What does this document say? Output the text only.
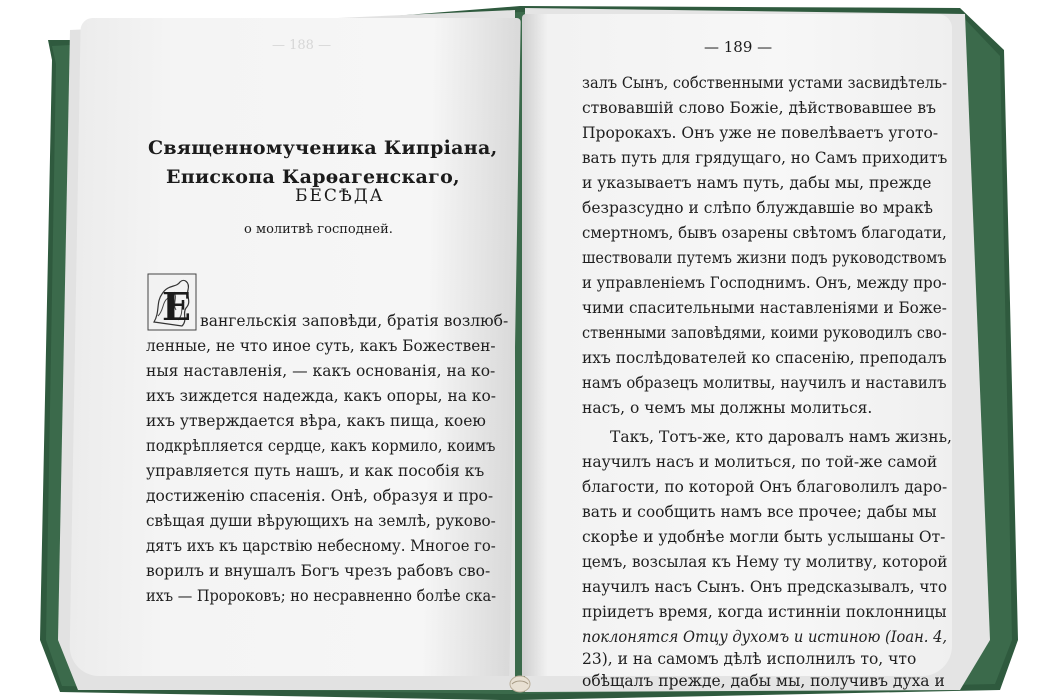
— 188 —
Священномученика Кипріана,
Епископа Карѳагенскаго,
БЕСѢДА
о молитвѣ господней.
Е вангельскія заповѣди, братія возлюб-
ленные, не что иное суть, какъ Божествен-
ныя наставленія, — какъ основанія, на ко-
ихъ зиждется надежда, какъ опоры, на ко-
ихъ утверждается вѣра, какъ пища, коею
подкрѣпляется сердце, какъ кормило, коимъ
управляется путь нашъ, и как пособія къ
достиженію спасенія. Онѣ, образуя и про-
свѣщая души вѣрующихъ на землѣ, руково-
дятъ ихъ къ царствію небесному. Многое го-
ворилъ и внушалъ Богъ чрезъ рабовъ сво-
ихъ — Пророковъ; но несравненно болѣе ска-
— 189 —
залъ Сынъ, собственными устами засвидѣтель-
ствовавшій слово Божіе, дѣйствовавшее въ
Пророкахъ. Онъ уже не повелѣваетъ угото-
вать путь для грядущаго, но Самъ приходитъ
и указываетъ намъ путь, дабы мы, прежде
безразсудно и слѣпо блуждавшіе во мракѣ
смертномъ, бывъ озарены свѣтомъ благодати,
шествовали путемъ жизни подъ руководствомъ
и управленіемъ Господнимъ. Онъ, между про-
чими спасительными наставленіями и Боже-
ственными заповѣдями, коими руководилъ сво-
ихъ послѣдователей ко спасенію, преподалъ
намъ образецъ молитвы, научилъ и наставилъ
насъ, о чемъ мы должны молиться.
Такъ, Тотъ-же, кто даровалъ намъ жизнь,
научилъ насъ и молиться, по той-же самой
благости, по которой Онъ благоволилъ даро-
вать и сообщить намъ все прочее; дабы мы
скорѣе и удобнѣе могли быть услышаны От-
цемъ, возсылая къ Нему ту молитву, которой
научилъ насъ Сынъ. Онъ предсказывалъ, что
пріидетъ время, когда истинніи поклонницы
поклонятся Отцу духомъ и истиною (Іоан. 4,
23), и на самомъ дѣлѣ исполнилъ то, что
обѣщалъ прежде, дабы мы, получивъ духа и
